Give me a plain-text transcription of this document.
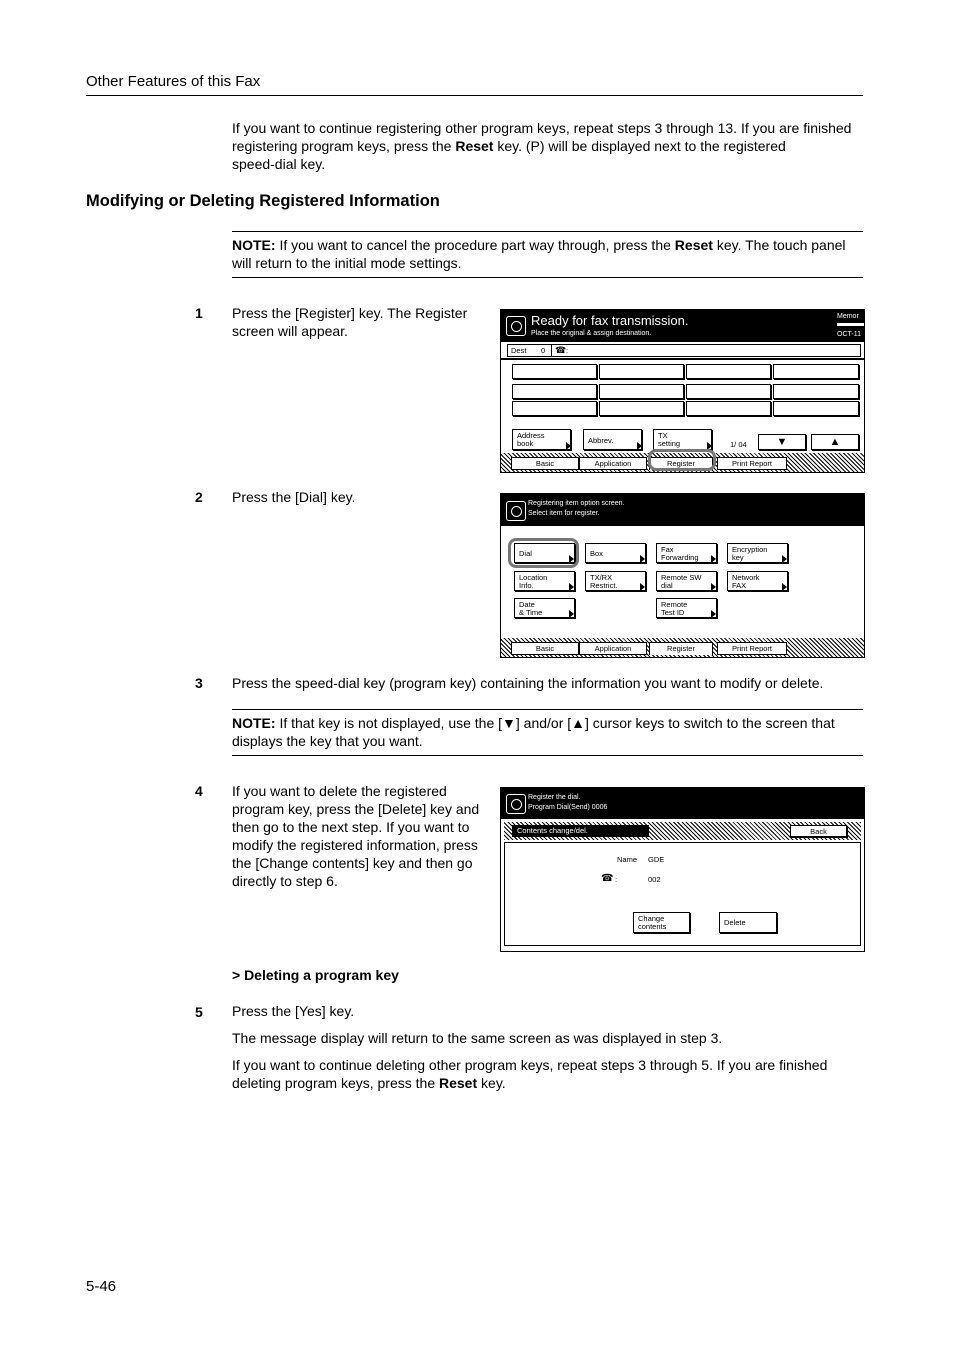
Other Features of this Fax
If you want to continue registering other program keys, repeat steps 3 through 13. If you are finished
registering program keys, press the Reset key. (P) will be displayed next to the registered
speed-dial key.
Modifying or Deleting Registered Information
NOTE: If you want to cancel the procedure part way through, press the Reset key. The touch panel
will return to the initial mode settings.
1 Press the [Register] key. The Register
screen will appear.
Ready for fax transmission.
Place the original & assign destination.
Memor
OCT-11
Dest 0 ☎ :
Address
book	Abbrev.
TX
setting	1/ 04	▼	▲
Basic	Application	Register	Print Report
2 Press the [Dial] key.	Registering item option screen.
Select item for register.
Dial	Box	Fax
Forwarding
Encryption
key
Location
Info.
TX/RX
Restrict.
Remote SW
dial
Network
FAX
Date
& Time
Remote
Test ID
Basic	Application	Register	Print Report
3 Press the speed-dial key (program key) containing the information you want to modify or delete.
NOTE: If that key is not displayed, use the [▼] and/or [▲] cursor keys to switch to the screen that
displays the key that you want.
4 If you want to delete the registered
program key, press the [Delete] key and
then go to the next step. If you want to
modify the registered information, press
the [Change contents] key and then go
directly to step 6.
Register the dial.
Program Dial(Send) 0006
Contents change/del.	Back
Name GDE
☎ :	002
Change
contents	Delete
> Deleting a program key
5 Press the [Yes] key.
The message display will return to the same screen as was displayed in step 3.
If you want to continue deleting other program keys, repeat steps 3 through 5. If you are finished
deleting program keys, press the Reset key.
5-46
